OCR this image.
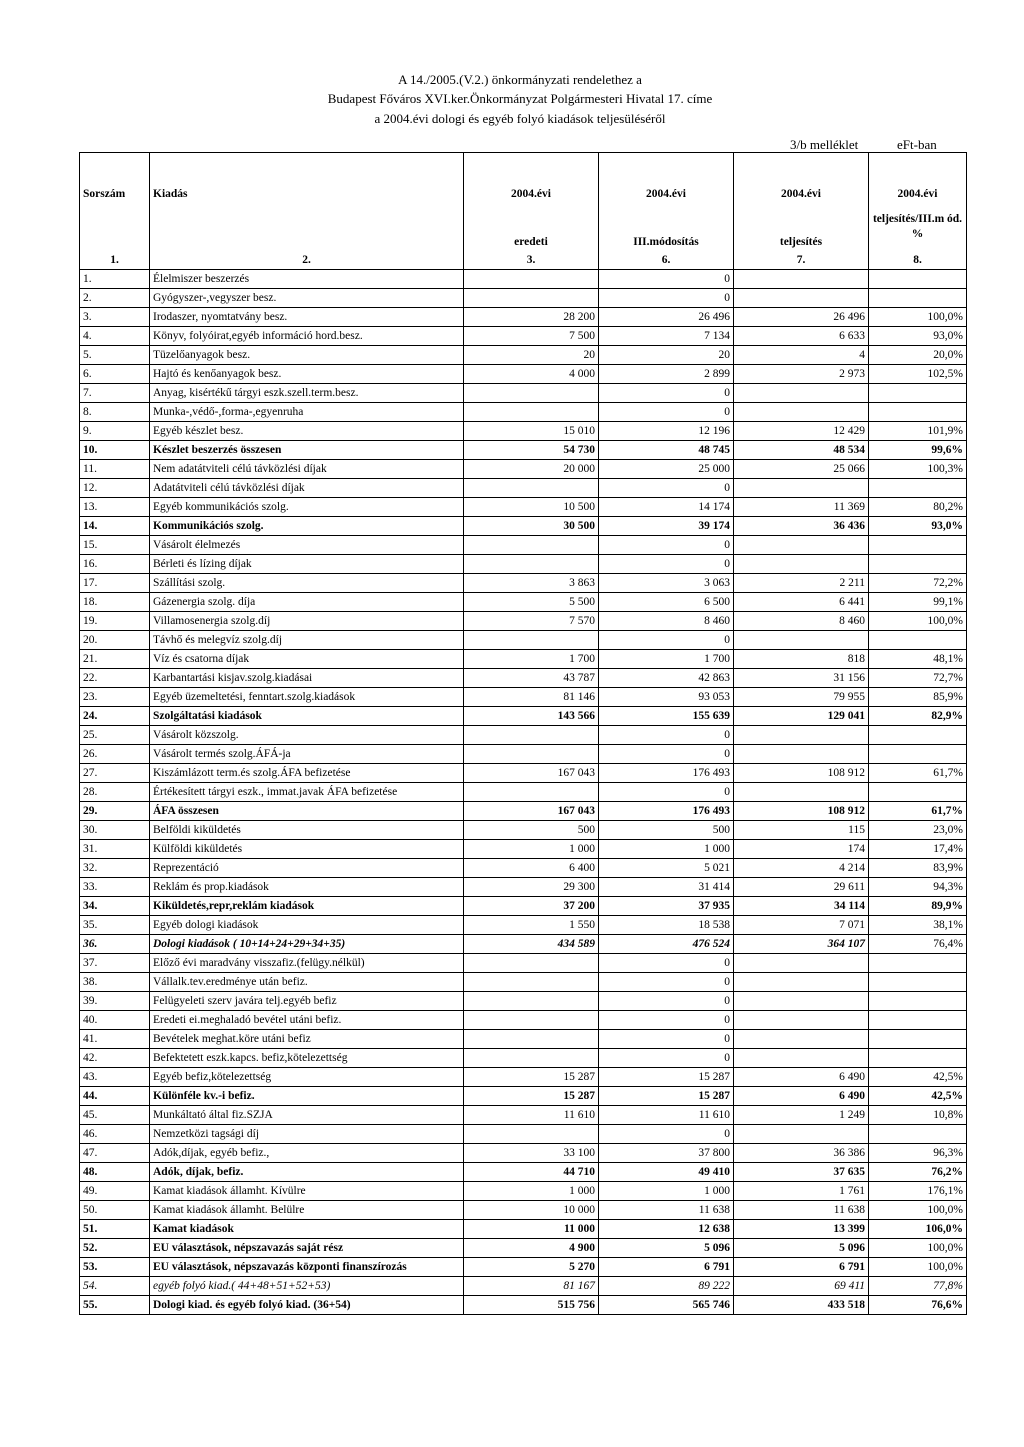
A 14./2005.(V.2.) önkormányzati rendelethez a
Budapest Főváros XVI.ker.Önkormányzat Polgármesteri Hivatal 17. címe
a 2004.évi dologi és egyéb folyó kiadások teljesüléséről
3/b melléklet	eFt-ban

Sorszám	Kiadás	2004.évi	2004.évi	2004.évi	2004.évi
					teljesítés/III.m ód. %
		eredeti	III.módosítás	teljesítés	
1.	2.	3.	6.	7.	8.
1.	Élelmiszer beszerzés		0		
2.	Gyógyszer-,vegyszer besz.		0		
3.	Irodaszer, nyomtatvány besz.	28 200	26 496	26 496	100,0%
4.	Könyv, folyóirat,egyéb információ hord.besz.	7 500	7 134	6 633	93,0%
5.	Tüzelőanyagok besz.	20	20	4	20,0%
6.	Hajtó és kenőanyagok besz.	4 000	2 899	2 973	102,5%
7.	Anyag, kisértékű tárgyi eszk.szell.term.besz.		0		
8.	Munka-,védő-,forma-,egyenruha		0		
9.	Egyéb készlet besz.	15 010	12 196	12 429	101,9%
10.	Készlet beszerzés összesen	54 730	48 745	48 534	99,6%
11.	Nem adatátviteli célú távközlési díjak	20 000	25 000	25 066	100,3%
12.	Adatátviteli célú távközlési díjak		0		
13.	Egyéb kommunikációs szolg.	10 500	14 174	11 369	80,2%
14.	Kommunikációs szolg.	30 500	39 174	36 436	93,0%
15.	Vásárolt élelmezés		0		
16.	Bérleti és lízing díjak		0		
17.	Szállítási szolg.	3 863	3 063	2 211	72,2%
18.	Gázenergia szolg. díja	5 500	6 500	6 441	99,1%
19.	Villamosenergia szolg.díj	7 570	8 460	8 460	100,0%
20.	Távhő és melegvíz szolg.díj		0		
21.	Víz és csatorna díjak	1 700	1 700	818	48,1%
22.	Karbantartási kisjav.szolg.kiadásai	43 787	42 863	31 156	72,7%
23.	Egyéb üzemeltetési, fenntart.szolg.kiadások	81 146	93 053	79 955	85,9%
24.	Szolgáltatási kiadások	143 566	155 639	129 041	82,9%
25.	Vásárolt közszolg.		0		
26.	Vásárolt termés szolg.ÁFÁ-ja		0		
27.	Kiszámlázott term.és szolg.ÁFA befizetése	167 043	176 493	108 912	61,7%
28.	Értékesített tárgyi eszk., immat.javak ÁFA befizetése		0		
29.	ÁFA összesen	167 043	176 493	108 912	61,7%
30.	Belföldi kiküldetés	500	500	115	23,0%
31.	Külföldi kiküldetés	1 000	1 000	174	17,4%
32.	Reprezentáció	6 400	5 021	4 214	83,9%
33.	Reklám és prop.kiadások	29 300	31 414	29 611	94,3%
34.	Kiküldetés,repr,reklám kiadások	37 200	37 935	34 114	89,9%
35.	Egyéb dologi kiadások	1 550	18 538	7 071	38,1%
36.	Dologi kiadások ( 10+14+24+29+34+35)	434 589	476 524	364 107	76,4%
37.	Előző évi maradvány visszafiz.(felügy.nélkül)		0		
38.	Vállalk.tev.eredménye után befiz.		0		
39.	Felügyeleti szerv javára telj.egyéb befiz		0		
40.	Eredeti ei.meghaladó bevétel utáni befiz.		0		
41.	Bevételek meghat.köre utáni befiz		0		
42.	Befektetett eszk.kapcs. befiz,kötelezettség		0		
43.	Egyéb befiz,kötelezettség	15 287	15 287	6 490	42,5%
44.	Különféle kv.-i befiz.	15 287	15 287	6 490	42,5%
45.	Munkáltató által fiz.SZJA	11 610	11 610	1 249	10,8%
46.	Nemzetközi tagsági díj		0		
47.	Adók,díjak, egyéb befiz.,	33 100	37 800	36 386	96,3%
48.	Adók, díjak, befiz.	44 710	49 410	37 635	76,2%
49.	Kamat kiadások államht. Kívülre	1 000	1 000	1 761	176,1%
50.	Kamat kiadások államht. Belülre	10 000	11 638	11 638	100,0%
51.	Kamat kiadások	11 000	12 638	13 399	106,0%
52.	EU választások, népszavazás saját rész	4 900	5 096	5 096	100,0%
53.	EU választások, népszavazás központi finanszírozás	5 270	6 791	6 791	100,0%
54.	egyéb folyó kiad.( 44+48+51+52+53)	81 167	89 222	69 411	77,8%
55.	Dologi kiad. és egyéb folyó kiad. (36+54)	515 756	565 746	433 518	76,6%
